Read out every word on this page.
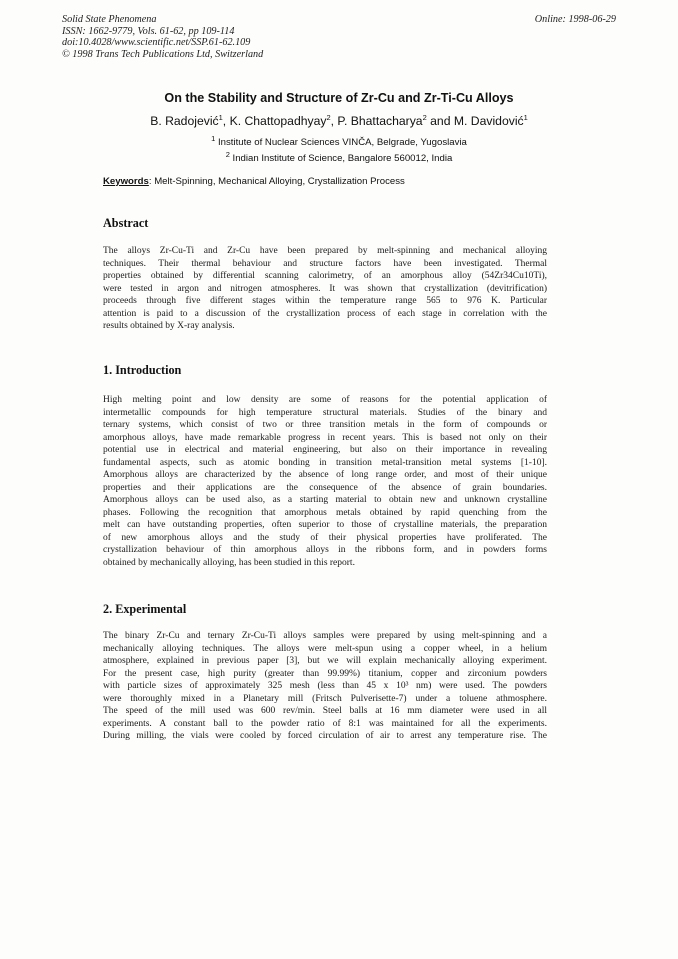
Solid State Phenomena
ISSN: 1662-9779, Vols. 61-62, pp 109-114
doi:10.4028/www.scientific.net/SSP.61-62.109
© 1998 Trans Tech Publications Ltd, Switzerland
Online: 1998-06-29
On the Stability and Structure of Zr-Cu and Zr-Ti-Cu Alloys
B. Radojević$^1$, K. Chattopadhyay$^2$, P. Bhattacharya$^2$ and M. Davidović$^1$
$^1$ Institute of Nuclear Sciences VINČA, Belgrade, Yugoslavia
$^2$ Indian Institute of Science, Bangalore 560012, India
Keywords: Melt-Spinning, Mechanical Alloying, Crystallization Process
Abstract
The alloys Zr-Cu-Ti and Zr-Cu have been prepared by melt-spinning and mechanical alloying
techniques. Their thermal behaviour and structure factors have been investigated. Thermal
properties obtained by differential scanning calorimetry, of an amorphous alloy (54Zr34Cu10Ti),
were tested in argon and nitrogen atmospheres. It was shown that crystallization (devitrification)
proceeds through five different stages within the temperature range 565 to 976 K. Particular
attention is paid to a discussion of the crystallization process of each stage in correlation with the
results obtained by X-ray analysis.
1. Introduction
High melting point and low density are some of reasons for the potential application of
intermetallic compounds for high temperature structural materials. Studies of the binary and
ternary systems, which consist of two or three transition metals in the form of compounds or
amorphous alloys, have made remarkable progress in recent years. This is based not only on their
potential use in electrical and material engineering, but also on their importance in revealing
fundamental aspects, such as atomic bonding in transition metal-transition metal systems [1-10].
Amorphous alloys are characterized by the absence of long range order, and most of their unique
properties and their applications are the consequence of the absence of grain boundaries.
Amorphous alloys can be used also, as a starting material to obtain new and unknown crystalline
phases. Following the recognition that amorphous metals obtained by rapid quenching from the
melt can have outstanding properties, often superior to those of crystalline materials, the preparation
of new amorphous alloys and the study of their physical properties have proliferated. The
crystallization behaviour of thin amorphous alloys in the ribbons form, and in powders forms
obtained by mechanically alloying, has been studied in this report.
2. Experimental
The binary Zr-Cu and ternary Zr-Cu-Ti alloys samples were prepared by using melt-spinning and a
mechanically alloying techniques. The alloys were melt-spun using a copper wheel, in a helium
atmosphere, explained in previous paper [3], but we will explain mechanically alloying experiment.
For the present case, high purity (greater than 99.99%) titanium, copper and zirconium powders
with particle sizes of approximately 325 mesh (less than 45 x 10³ nm) were used. The powders
were thoroughly mixed in a Planetary mill (Fritsch Pulverisette-7) under a toluene athmosphere.
The speed of the mill used was 600 rev/min. Steel balls at 16 mm diameter were used in all
experiments. A constant ball to the powder ratio of 8:1 was maintained for all the experiments.
During milling, the vials were cooled by forced circulation of air to arrest any temperature rise. The
